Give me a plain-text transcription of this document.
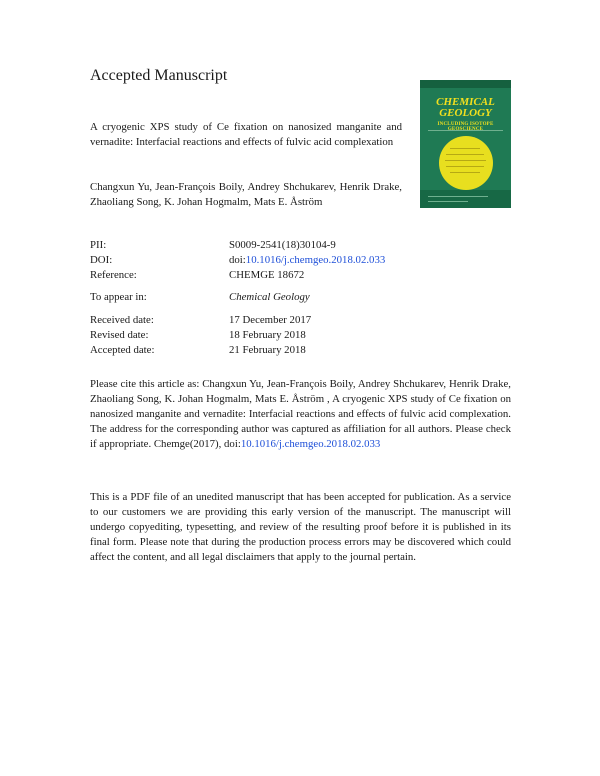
Accepted Manuscript
A cryogenic XPS study of Ce fixation on nanosized manganite and vernadite: Interfacial reactions and effects of fulvic acid complexation
CHEMICAL
GEOLOGY
INCLUDING ISOTOPE
Changxun Yu, Jean-François Boily, Andrey Shchukarev, Henrik Drake, Zhaoliang Song, K. Johan Hogmalm, Mats E. Åström
PII:	S0009-2541(18)30104-9
DOI:	doi:10.1016/j.chemgeo.2018.02.033
Reference:	CHEMGE 18672
To appear in:	Chemical Geology
Received date:	17 December 2017
Revised date:	18 February 2018
Accepted date:	21 February 2018
Please cite this article as: Changxun Yu, Jean-François Boily, Andrey Shchukarev, Henrik Drake, Zhaoliang Song, K. Johan Hogmalm, Mats E. Åström , A cryogenic XPS study of Ce fixation on nanosized manganite and vernadite: Interfacial reactions and effects of fulvic acid complexation. The address for the corresponding author was captured as affiliation for all authors. Please check if appropriate. Chemge(2017), doi:10.1016/j.chemgeo.2018.02.033
This is a PDF file of an unedited manuscript that has been accepted for publication. As a service to our customers we are providing this early version of the manuscript. The manuscript will undergo copyediting, typesetting, and review of the resulting proof before it is published in its final form. Please note that during the production process errors may be discovered which could affect the content, and all legal disclaimers that apply to the journal pertain.
